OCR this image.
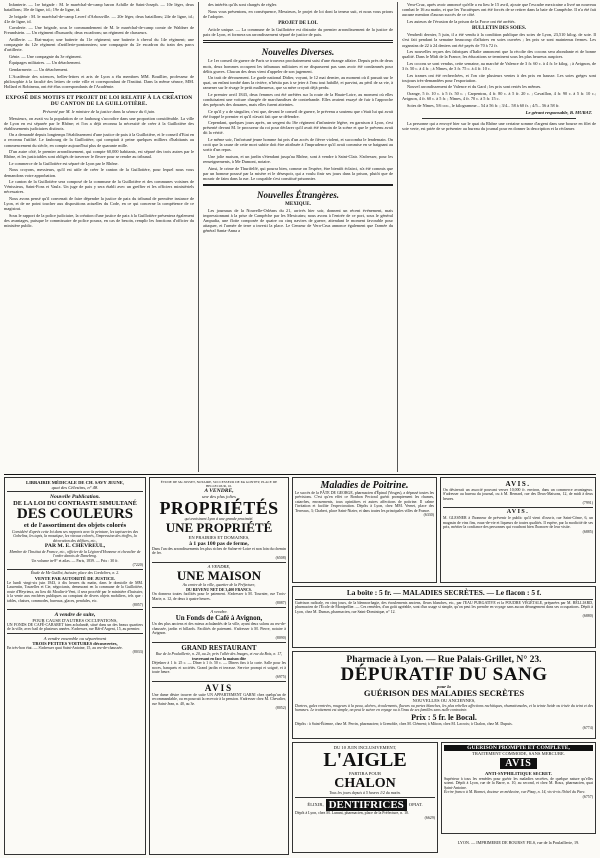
Infanterie. — 1re brigade : M. le maréchal-de-camp baron Achille de Saint-Joseph. — 10e léger, deux bataillons; 10e de ligne, id.; 19e de ligne, id.

2e brigade : M. le maréchal-de-camp Lecerf d'Arbouville. — 20e léger, deux bataillons; 24e de ligne, id.; 41e de ligne, id.

Cavalerie. — Une brigade, sous le commandement de M. le maréchal-de-camp comte de Waldner de Freundstein. — Un régiment d'hussards; deux escadrons; un régiment de chasseurs.

Artillerie. — Etat-major; une batterie du 11e régiment; une batterie à cheval du 14e régiment; une compagnie du 12e régiment d'artillerie-pontonniers; une compagnie du 2e escadron du train des parcs d'artillerie.

Génie. — Une compagnie du 3e régiment.

Équipages militaires. — Un détachement.

Gendarmerie. — Un détachement.

L'Académie des sciences, belles-lettres et arts de Lyon a élu membres MM. Bouillier, professeur de philosophie à la faculté des lettres de cette ville et correspondant de l'Institut. Dans la même séance, MM. Hollard et Robineau, ont été élus correspondants de l'Académie.

EXPOSÉ DES MOTIFS ET PROJET DE LOI RELATIF À LA CRÉATION DU CANTON DE LA GUILLOTIÈRE.

Présenté par M. le ministre de la justice dans la séance du 6 juin.

Messieurs, on avait vu la population de ce faubourg s'accroître dans une proportion considérable. La ville de Lyon en est séparée par le Rhône; et l'on a déjà reconnu la nécessité de créer à la Guillotière des établissements judiciaires distincts.

On a demandé depuis longtemps l'établissement d'une justice de paix à la Guillotière, et le conseil d'Etat en a reconnu l'utilité. Le faubourg de la Guillotière, qui comptait à peine quelques milliers d'habitants au commencement du siècle, en compte aujourd'hui plus de quarante mille.

D'un autre côté, le premier arrondissement, qui compte 60,000 habitants, est séparé des trois autres par le Rhône, et les justiciables sont obligés de traverser le fleuve pour se rendre au tribunal.

Le commerce de la Guillotière est séparé de Lyon par le Rhône.

Nous croyons, messieurs, qu'il est utile de créer le canton de la Guillotière, pour lequel nous vous demandons votre approbation.

Le canton de la Guillotière sera composé de la commune de la Guillotière et des communes voisines de Vénissieux, Saint-Fons et Vaulx. Un juge de paix y sera établi avec un greffier et les officiers ministériels nécessaires.

Nous avons pensé qu'il convenait de faire dépendre la justice de paix du tribunal de première instance de Lyon, et de ne point toucher aux dispositions actuelles du Code, en ce qui concerne la compétence de ce magistrat.

Sous le rapport de la police judiciaire, la création d'une justice de paix à la Guillotière présentera également des avantages, puisque le commissaire de police pourra, en cas de besoin, remplir les fonctions d'officier du ministère public.

des intérêts qu'ils sont chargés de régler.

Nous vous présentons, en conséquence, Messieurs, le projet de loi dont la teneur suit, et nous vous prions de l'adopter.

PROJET DE LOI.

Article unique. — La commune de la Guillotière est distraite du premier arrondissement de la justice de paix de Lyon, et formera un arrondissement séparé de justice de paix.

Nouvelles Diverses.

Le 1er conseil de guerre de Paris se trouvera prochainement saisi d'une étrange affaire. Depuis près de deux mois, deux hommes occupent les tribunaux militaires et ne disparurent pas sans avoir été condamnés pour délits graves. Chacun des deux vient d'appeler de son jugement.

Un trait de dévouement. Le garde national Didier, voyant, le 12 mai dernier, au moment où il passait sur le quai, un enfant tombé dans la rivière, n'hésita pas à se jeter à l'eau tout habillé, et parvint, au péril de sa vie, à ramener sur le rivage le petit malheureux, que sa mère croyait déjà perdu.

Le premier avril 1843, deux femmes ont été arrêtées sur la route de la Haute-Loire, au moment où elles conduisaient une voiture chargée de marchandises de contrebande. Elles avaient essayé de fuir à l'approche des préposés des douanes, mais elles furent atteintes.

Ce qu'il y a de singulier, c'est que, devant le conseil de guerre, le prévenu a soutenu que c'était lui qui avait été frappé le premier et qu'il n'avait fait que se défendre.

Cependant, quelques jours après, un sergent du 16e régiment d'infanterie légère, en garnison à Lyon, s'est présenté devant M. le procureur du roi pour déclarer qu'il avait été témoin de la scène et que le prévenu avait dit la vérité.

Le même soir, l'infortuné jeune homme fut pris d'un accès de fièvre violent, et succomba le lendemain. On croit que la cause de cette mort subite doit être attribuée à l'imprudence qu'il avait commise en se baignant au sortir d'un repas.

Une jolie maison, et un jardin s'étendant jusqu'au Rhône, sont à vendre à Saint-Clair. S'adresser, pour les renseignements, à Me Dumont, notaire.

Ainsi, le crime de Thurifelfé, qui pourra bien, comme on l'espère, être bientôt éclairci, n'a été commis que par un homme poussé par la misère et le désespoir, qui a voulu finir ses jours dans la prison, plutôt que de mourir de faim dans la rue. Le coupable s'est constitué prisonnier.

Nouvelles Étrangères.

MEXIQUE.

Les journaux de la Nouvelle-Orléans du 21, arrivés hier soir, donnent un récent événement, mais impressionnant à la prise de Campêche par les Mexicains; nous avons à l'entrée de ce port, sous le général Ampudia, une flotte composée de quatre ou cinq navires de guerre, attendant le moment favorable pour attaquer, et l'armée de terre a investi la place. Le Censeur de Vera-Cruz annonce également que l'armée du général Santa-Anna a

Vera-Cruz, après avoir annoncé qu'elle a eu lieu le 15 avril, ajoute que l'escadre mexicaine a livré un nouveau combat le 16 au matin, et que les Yucatèques ont été forcés de se retirer dans la baie de Campêche. Il n'a été fait aucune mention d'aucun succès de ce côté.

Les auteurs de l'évasion de la prison de la Force ont été arrêtés.

BULLETIN DES SOIES.

Vendredi dernier, 5 juin, il a été vendu à la condition publique des soies de Lyon, 23,510 kilog. de soie. Il s'est fait pendant la semaine beaucoup d'affaires en soies ouvrées ; les prix se sont maintenus fermes. Les organsins de 22 à 24 deniers ont été payés de 70 à 72 fr.

Les nouvelles reçues des fabriques d'Italie annoncent que la récolte des cocons sera abondante et de bonne qualité. Dans le Midi de la France, les éducations se terminent sous les plus heureux auspices.

Les cocons se sont vendus, cette semaine, au marché de Valence de 3 fr. 60 c. à 4 fr. le kilog. ; à Avignon, de 3 fr. 50 c. à 4 fr. ; à Nîmes, de 3 fr. 75 c. à 4 fr. 10 c.

Les trames ont été recherchées, et l'on cite plusieurs ventes à des prix en hausse. Les soies grèges sont toujours très-demandées pour l'exportation.

Nouvel arrondissement de Valence et du Gard ; les prix sont restés les mêmes.

Orange, 5 fr. 10 c. à 5 fr. 50 c. ; Carpentras, 4 fr. 80 c. à 5 fr. 20 c. ; Cavaillon, 4 fr. 90 c. à 5 fr. 10 c.; Avignon, 4 fr. 60 c. à 5 fr. ; Nîmes, 4 fr. 70 c. à 5 fr. 15 c.

Soies de Nîmes, 5/6 coc., le kilogramme... 54 à 56 fr. ; 3/4... 58 à 60 fr. ; 4/5... 56 à 58 fr.

Le gérant responsable, B. MURAT.

La personne qui a envoyé hier sur le quai du Rhône une certaine somme d'argent dans une bourse en filet de soie verte, est priée de se présenter au bureau du journal pour en donner la description et la réclamer.

LIBRAIRIE MÉDICALE DE CH. SAVY JEUNE,
quai des Célestins, n° 48.
Nouvelle Publication.
DE LA LOI DU CONTRASTE SIMULTANÉ
DES COULEURS
et de l'assortiment des objets colorés
Considéré d'après cette loi dans ses rapports avec la peinture, les tapisseries des Gobelins, les tapis, la mosaïque, les vitraux colorés, l'impression des étoffes, la décoration des édifices, etc.,
PAR M. E. CHEVREUL,
Membre de l'Institut de France, etc., officier de la Légion-d'Honneur et chevalier de l'ordre danois de Danebrog.
Un volume in-8° et atlas. — Paris, 1839. — Prix : 30 fr.
(7220)
Étude de Me Guillot, huissier, place des Cordeliers, n. 2.
VENTE PAR AUTORITÉ DE JUSTICE.
Le lundi vingt-six juin 1843, à dix heures du matin, dans le domicile de MM. Laurentin, Touzelles et Cie, négociants, demeurant en la commune de la Guillotière, route d'Heyrieux, au lieu dit Moulin-à-Vent, il sera procédé par le ministère d'huissier, à la vente aux enchères publiques au comptant de divers objets mobiliers, tels que : tables, chaises, commodes, bureaux, glaces, pendules, etc.
(8057)
A vendre de suite,
POUR CAUSE D'AUTRES OCCUPATIONS,
UN FONDS DE CAFÉ-CABARET bien achalandé, situé dans un des beaux quartiers de la ville, avec bail de plusieurs années. S'adresser, rue Bât-d'Argent, 15, au premier.
A vendre ensemble ou séparément
TROIS PETITES VOITURES découvertes,
En très-bon état. — S'adresser quai Saint-Antoine, 15, au rez-de-chaussée.
(8033)
ÉTUDE DE Me JOSSET, NOTAIRE, SUCCESSEUR DE Me GONTEY, PLACE DE BELLECOUR, 16.
A VENDRE,
une des plus jolies
PROPRIÉTÉS
qui avoisinent Lyon à une grande proximité.
UNE PROPRIÉTÉ
EN PRAIRIES ET DOMAINES,
à 1 pas 100 pas de ferme,
Dans l'un des arrondissements les plus riches de Saône-et-Loire et non loin du chemin de fer.
(6508)
A VENDRE,
UNE MAISON
Au centre de la ville, quartier de la Préfecture,
DU REVENU NET DE 3,400 FRANCS.
On donnera toutes facilités pour le paiement. S'adresser à M. Tournier, rue Trois-Marie, n. 12, de deux à quatre heures.
(8087)
A vendre.
Un Fonds de Café à Avignon,
Un des plus anciens et des mieux achalandés de la ville, ayant deux salons au rez-de-chaussée, jardin et billards. Facilités de paiement. S'adresser à M. Pierre, notaire à Avignon.
(8090)
GRAND RESTAURANT
Rue de la Poulaillerie, n. 20, au 2e, près l'allée des Images, et rue du Bois, n. 17,
traversant en face la maison dite
Déjeûner à 1 fr. 25 c. — Dîner à 1 fr. 50 c. — Dîners fins à la carte. Salle pour les noces, banquets et sociétés. Grand jardin et terrasse. Service prompt et soigné, et à toute heure.
(6975)
AVIS
Une dame désire trouver de suite UN APPARTEMENT GARNI chez quelqu'un de recommandable, ou en pourrait la recevoir à la pension. S'adresser chez M. Chevalier, rue Saint-Jean, n. 40, au 3e.
(8052)
Maladies de Poitrine.
Le succès de la PÂTE DE GEORGE, pharmacien d'Épinal (Vosges), a dépassé toutes les prévisions. C'est qu'en effet ce Bonbon Pectoral guérit promptement les rhumes, catarrhes, enrouements, toux opiniâtres et autres affections de poitrine. Il calme l'irritation et facilite l'expectoration. Dépôts à Lyon, chez MM. Vernet, place des Terreaux, 3; Chabert, place Saint-Nizier, et dans toutes les principales villes de France.
(6330)
AVIS.
On désirerait un associé pouvant verser 10,000 fr. environ, dans un commerce avantageux. S'adresser au bureau du journal, ou à M. Bernard, rue des Deux-Maisons, 12, de midi à deux heures.
(7991)
AVIS.
M. GLESNER à l'honneur de prévenir le public qu'il vient d'ouvrir, rue Saint-Côme, 6, un magasin de vins fins, eaux-de-vie et liqueurs de toutes qualités. Il espère, par la modicité de ses prix, mériter la confiance des personnes qui voudront bien l'honorer de leur visite.
(6885)
La boîte : 5 fr. — MALADIES SECRÈTES. — Le flacon : 5 f.
Guérison radicale, en cinq jours, de la blennorrhagie, des écoulements anciens, fleurs blanches, etc., par l'EAU PURGATIVE et la POUDRE VÉGÉTALE, préparées par M. BÉLLIARD, pharmacien de l'École de Montpellier. — Ces remèdes, d'un goût agréable, sont d'un usage si simple, qu'on peut les prendre en voyage sans aucun dérangement dans ses occupations. Dépôt à Lyon, chez M. Dumas, pharmacien, rue Saint-Dominique, n° 12.
(6880)
Pharmacie à Lyon. — Rue Palais-Grillet, N° 23.
DÉPURATIF DU SANG
pour la
GUÉRISON DES MALADIES SECRÈTES
NOUVELLES OU ANCIENNES,
Dartres, gales rentrées, rougeurs à la peau, ulcères, écoulements, flueurs ou pertes blanches, les plus rebelles affections rachitiques, rhumatismales, et la teinte livide ou irisée du teint et des humeurs. Le traitement est simple, on peut le suivre en voyage ou à l'insu de ses familles sans nulle contrainte.
Prix : 5 fr. le Bocal.
Dépôts : à Saint-Étienne, chez M. Perrin, pharmacien; à Grenoble, chez M. Clément; à Mâcon, chez M. Lacroix; à Chalon, chez M. Dupuis.
(6774)
DU 10 JUIN INCLUSIVEMENT,
L'AIGLE
PARTIRA POUR
CHALON
Tous les jours depuis à 5 heures 1/2 du matin.
ÉLIXIR, DENTIFRICES	OPIAT.
Dépôt à Lyon, chez M. Lunant, pharmacien, place de la Préfecture, n. 10.
(6629)
GUÉRISON PROMPTE ET COMPLÈTE,
TRAITEMENT COMMODE, SANS MERCURE.
AVIS
ANTI-SYPHILITIQUE SECRET.
Supérieur à tous les remèdes pour guérir les maladies secrètes, de quelque nature qu'elles soient. Dépôt à Lyon, rue de la Barre, n. 10, au second, et chez M. Roux, pharmacien, quai Saint-Antoine.
Écrire franco à M. Bonnet, docteur en médecine, rue Pizay, n. 14, vis-à-vis l'hôtel du Parc.
(6757)
LYON. — IMPRIMERIE DE BOURSY FILS, rue de la Poulaillerie, 19.
